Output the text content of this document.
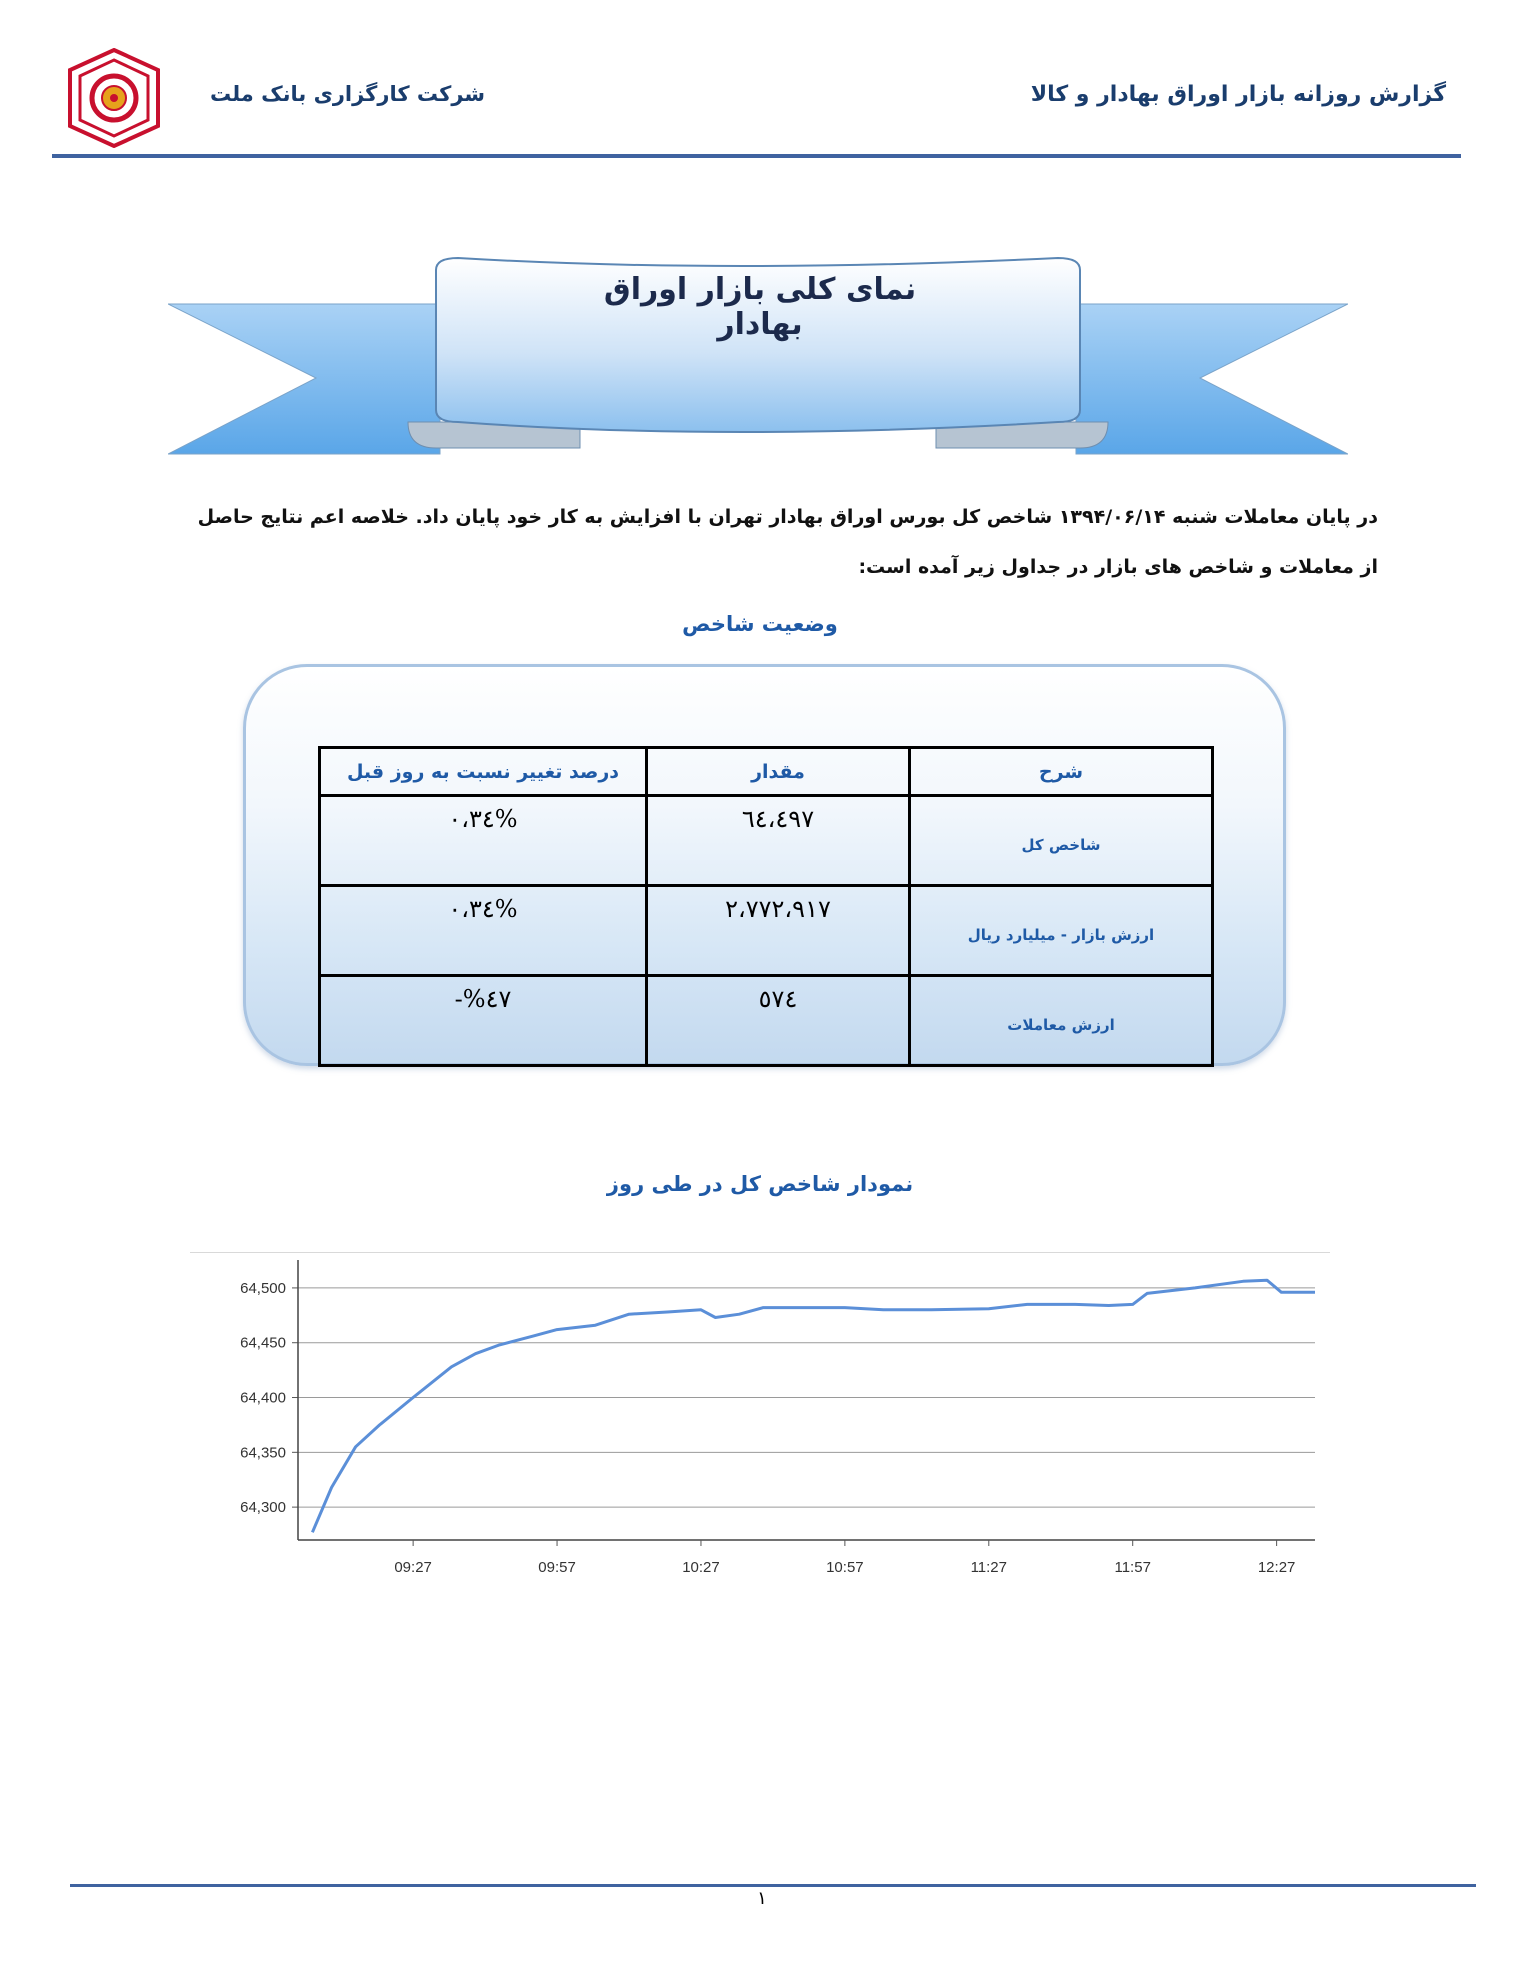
شرکت کارگزاری بانک ملت	گزارش روزانه بازار اوراق بهادار و کالا
نمای کلی بازار اوراق بهادار
در پایان معاملات شنبه ۱۳۹۴/۰۶/۱۴ شاخص کل بورس اوراق بهادار تهران با افزایش به کار خود پایان داد. خلاصه اعم نتایج حاصل
از معاملات و شاخص های بازار در جداول زیر آمده است:
وضعیت شاخص
شرح	مقدار	درصد تغییر نسبت به روز قبل
شاخص کل	٦٤،٤٩٧	%٠،٣٤
ارزش بازار - میلیارد ریال	٢،٧٧٢،٩١٧	%٠،٣٤
ارزش معاملات	٥٧٤	-%٤٧
نمودار شاخص کل در طی روز
64,300
64,350
64,400
64,450
64,500
09:27	09:57	10:27	10:57	11:27	11:57	12:27
١
